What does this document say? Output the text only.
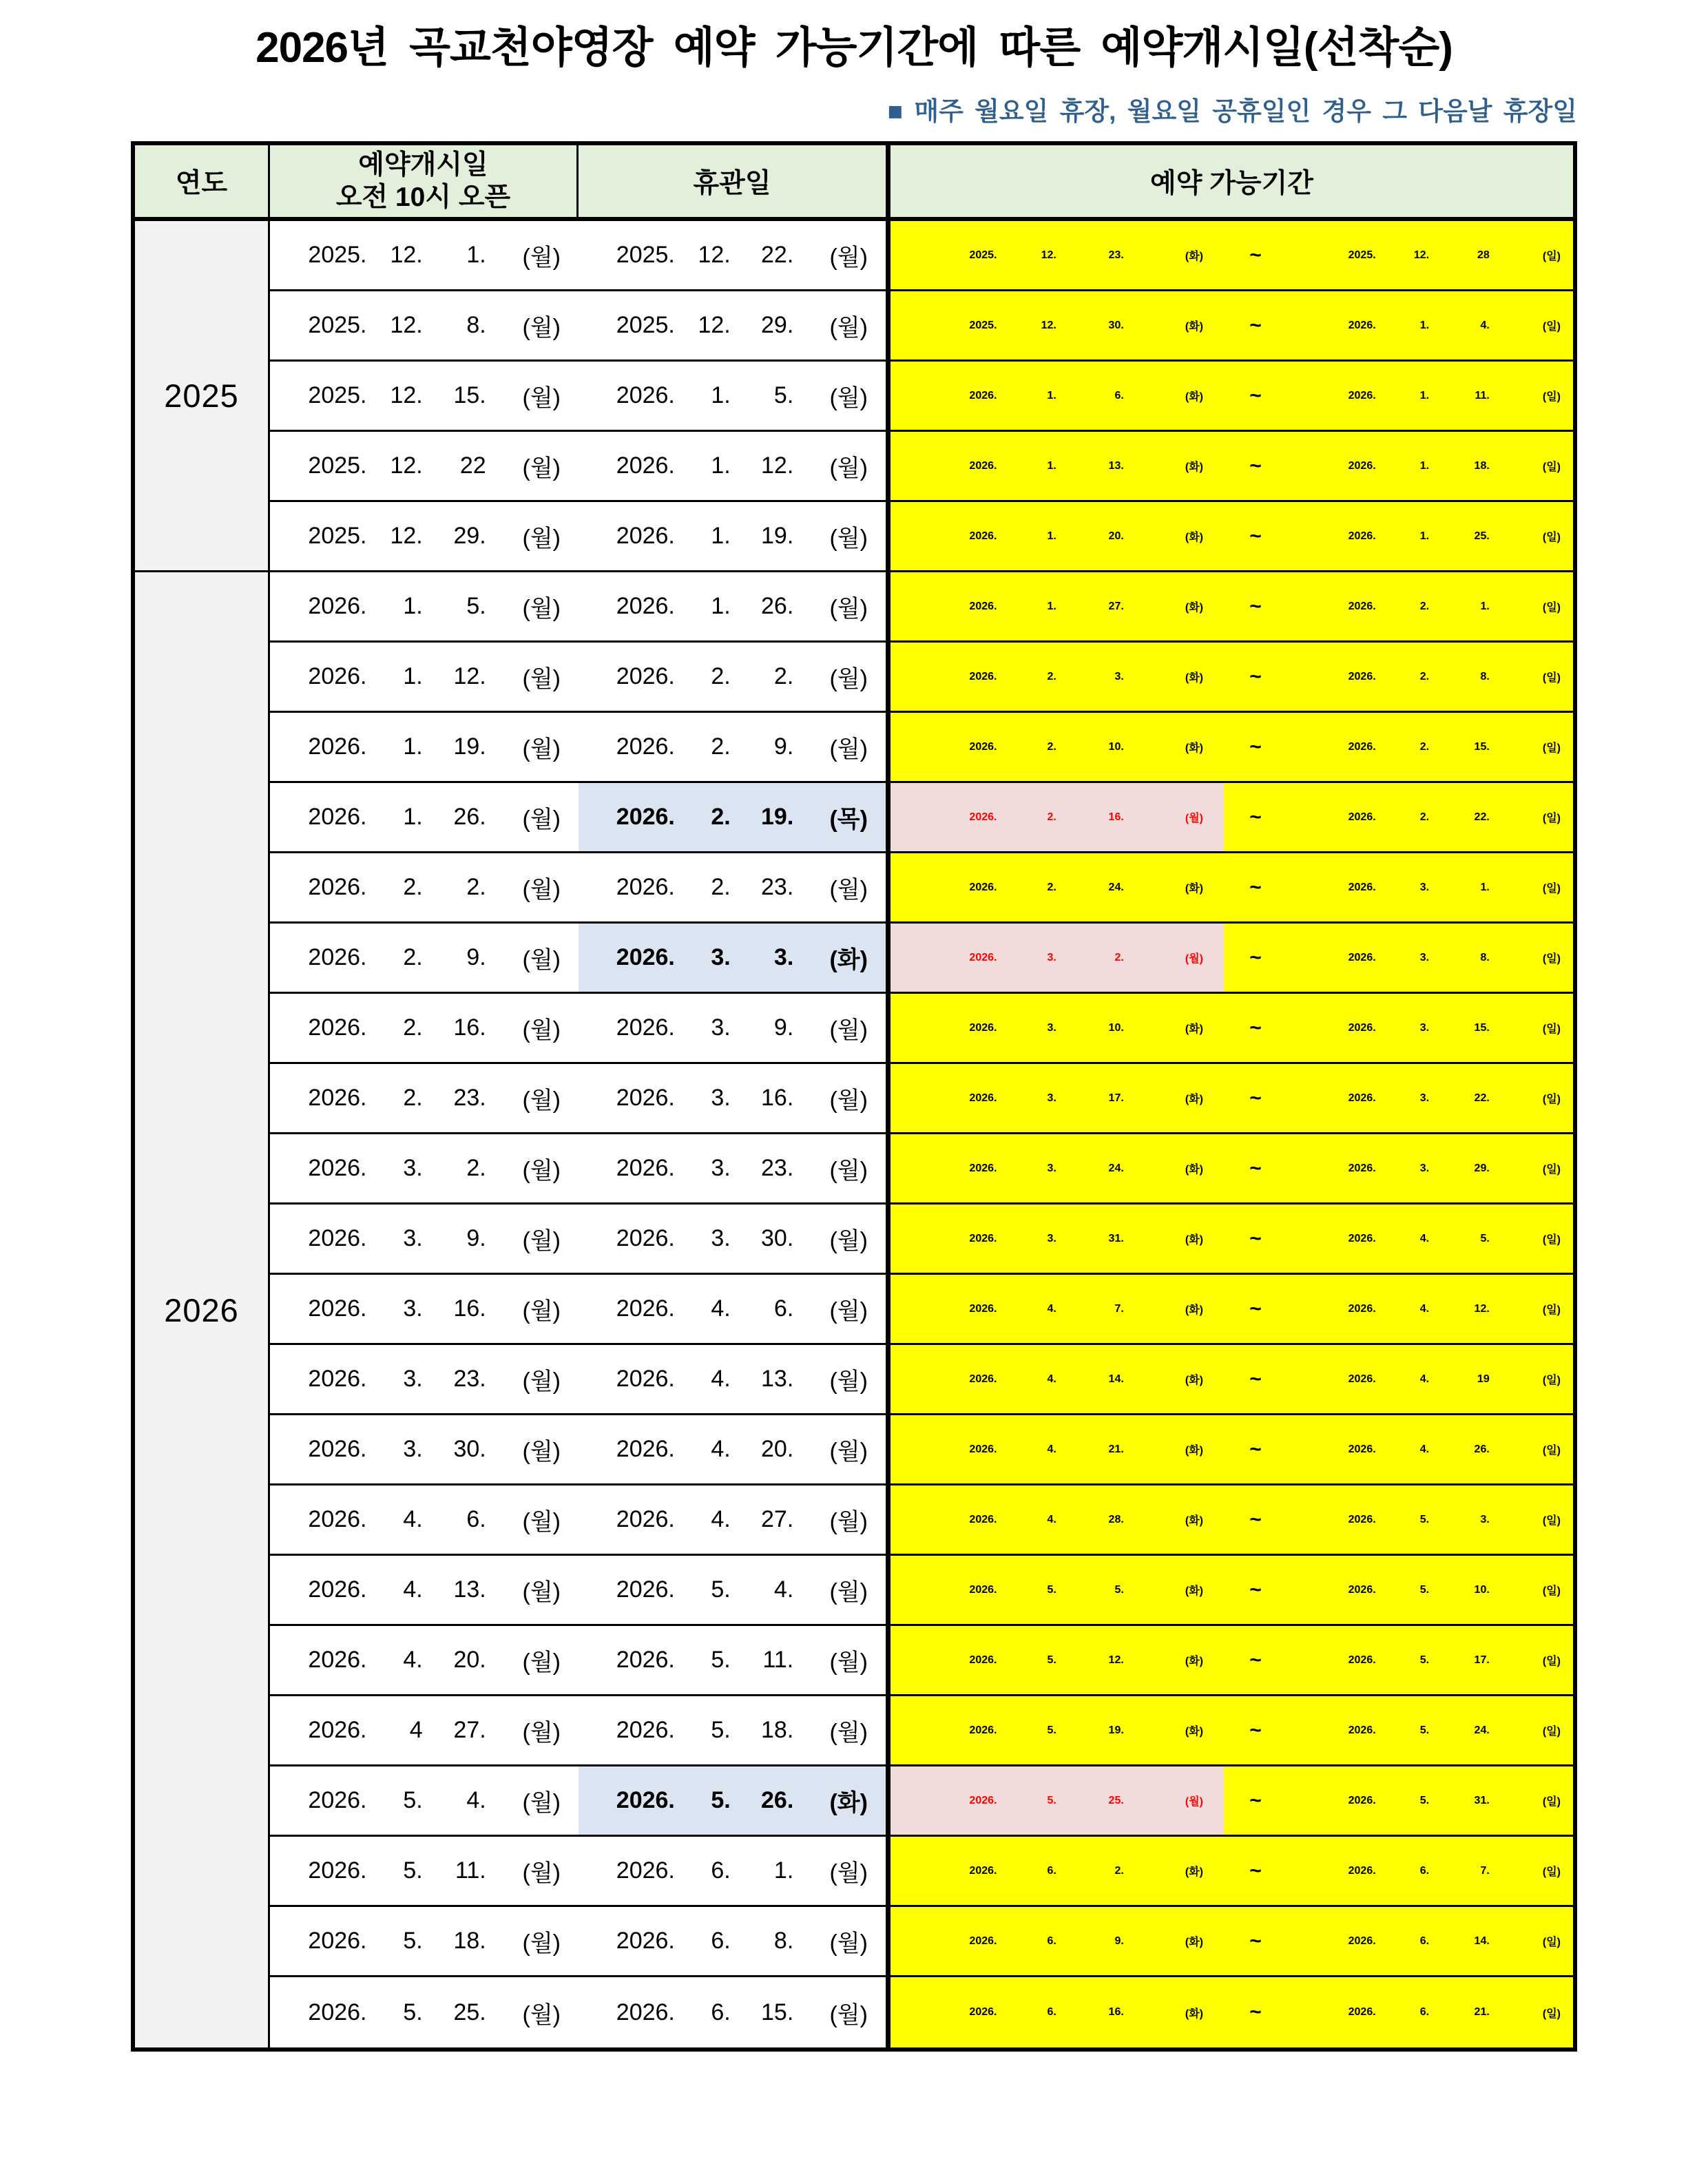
2026년 곡교천야영장 예약 가능기간에 따른 예약개시일(선착순)
■ 매주 월요일 휴장, 월요일 공휴일인 경우 그 다음날 휴장일
연도
예약개시일
오전 10시 오픈	휴관일	예약 가능기간
2025
2026
2025. 12.	1.	(월)	2025. 12.	22.	(월)	2025.	12.	23.	(화)	~	2025.	12.	28	(일)
2025. 12.	8.	(월)	2025. 12.	29.	(월)	2025.	12.	30.	(화)	~	2026.	1.	4.	(일)
2025. 12.	15.	(월)	2026.	1.	5.	(월)	2026.	1.	6.	(화)	~	2026.	1.	11.	(일)
2025. 12.	22	(월)	2026.	1.	12.	(월)	2026.	1.	13.	(화)	~	2026.	1.	18.	(일)
2025. 12.	29.	(월)	2026.	1.	19.	(월)	2026.	1.	20.	(화)	~	2026.	1.	25.	(일)
2026.	1.	5.	(월)	2026.	1.	26.	(월)	2026.	1.	27.	(화)	~	2026.	2.	1.	(일)
2026.	1.	12.	(월)	2026.	2.	2.	(월)	2026.	2.	3.	(화)	~	2026.	2.	8.	(일)
2026.	1.	19.	(월)	2026.	2.	9.	(월)	2026.	2.	10.	(화)	~	2026.	2.	15.	(일)
2026.	1.	26.	(월)	2026.	2.	19.	(목)	2026.	2.	16.	(월)	~	2026.	2.	22.	(일)
2026.	2.	2.	(월)	2026.	2.	23.	(월)	2026.	2.	24.	(화)	~	2026.	3.	1.	(일)
2026.	2.	9.	(월)	2026.	3.	3.	(화)	2026.	3.	2.	(월)	~	2026.	3.	8.	(일)
2026.	2.	16.	(월)	2026.	3.	9.	(월)	2026.	3.	10.	(화)	~	2026.	3.	15.	(일)
2026.	2.	23.	(월)	2026.	3.	16.	(월)	2026.	3.	17.	(화)	~	2026.	3.	22.	(일)
2026.	3.	2.	(월)	2026.	3.	23.	(월)	2026.	3.	24.	(화)	~	2026.	3.	29.	(일)
2026.	3.	9.	(월)	2026.	3.	30.	(월)	2026.	3.	31.	(화)	~	2026.	4.	5.	(일)
2026.	3.	16.	(월)	2026.	4.	6.	(월)	2026.	4.	7.	(화)	~	2026.	4.	12.	(일)
2026.	3.	23.	(월)	2026.	4.	13.	(월)	2026.	4.	14.	(화)	~	2026.	4.	19	(일)
2026.	3.	30.	(월)	2026.	4.	20.	(월)	2026.	4.	21.	(화)	~	2026.	4.	26.	(일)
2026.	4.	6.	(월)	2026.	4.	27.	(월)	2026.	4.	28.	(화)	~	2026.	5.	3.	(일)
2026.	4.	13.	(월)	2026.	5.	4.	(월)	2026.	5.	5.	(화)	~	2026.	5.	10.	(일)
2026.	4.	20.	(월)	2026.	5.	11.	(월)	2026.	5.	12.	(화)	~	2026.	5.	17.	(일)
2026.	4	27.	(월)	2026.	5.	18.	(월)	2026.	5.	19.	(화)	~	2026.	5.	24.	(일)
2026.	5.	4.	(월)	2026.	5.	26.	(화)	2026.	5.	25.	(월)	~	2026.	5.	31.	(일)
2026.	5.	11.	(월)	2026.	6.	1.	(월)	2026.	6.	2.	(화)	~	2026.	6.	7.	(일)
2026.	5.	18.	(월)	2026.	6.	8.	(월)	2026.	6.	9.	(화)	~	2026.	6.	14.	(일)
2026.	5.	25.	(월)	2026.	6.	15.	(월)	2026.	6.	16.	(화)	~	2026.	6.	21.	(일)
